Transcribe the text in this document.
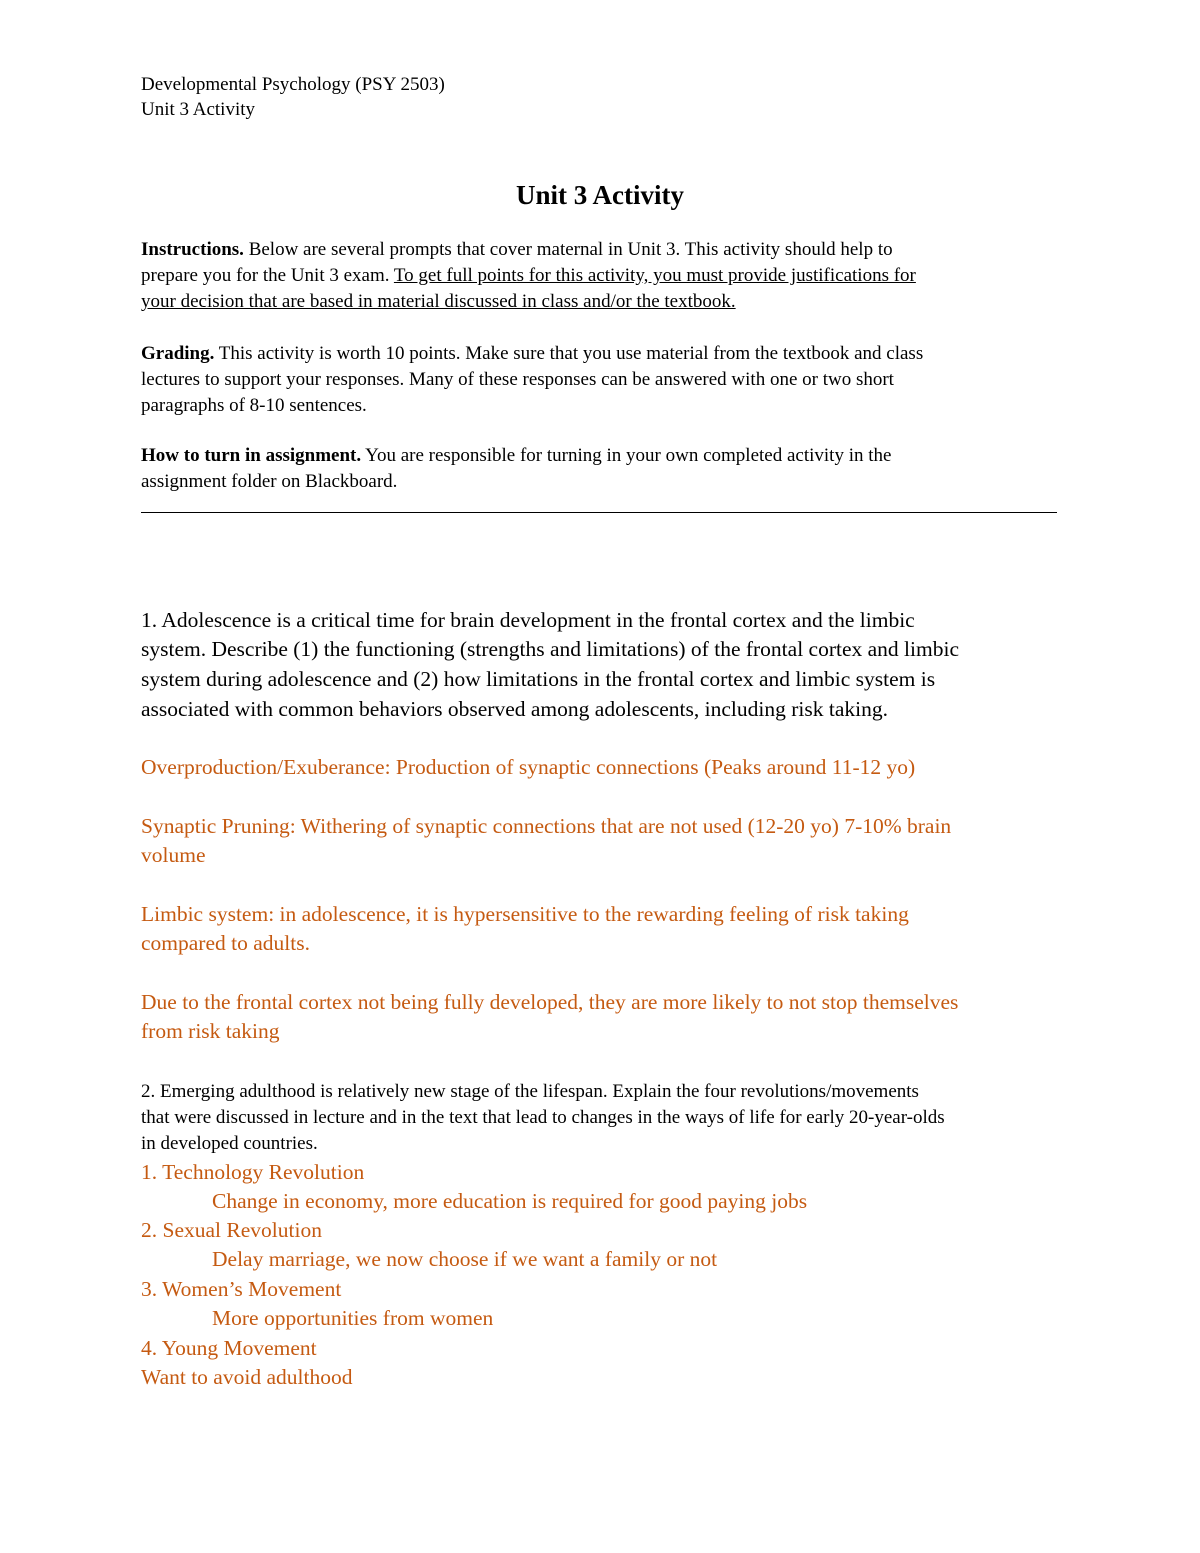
Developmental Psychology (PSY 2503)
Unit 3 Activity
Unit 3 Activity
Instructions. Below are several prompts that cover maternal in Unit 3. This activity should help to
prepare you for the Unit 3 exam. To get full points for this activity, you must provide justifications for
your decision that are based in material discussed in class and/or the textbook.
Grading. This activity is worth 10 points. Make sure that you use material from the textbook and class
lectures to support your responses. Many of these responses can be answered with one or two short
paragraphs of 8-10 sentences.
How to turn in assignment. You are responsible for turning in your own completed activity in the
assignment folder on Blackboard.
1. Adolescence is a critical time for brain development in the frontal cortex and the limbic
system. Describe (1) the functioning (strengths and limitations) of the frontal cortex and limbic
system during adolescence and (2) how limitations in the frontal cortex and limbic system is
associated with common behaviors observed among adolescents, including risk taking.
Overproduction/Exuberance: Production of synaptic connections (Peaks around 11-12 yo)
Synaptic Pruning: Withering of synaptic connections that are not used (12-20 yo) 7-10% brain
volume
Limbic system: in adolescence, it is hypersensitive to the rewarding feeling of risk taking
compared to adults.
Due to the frontal cortex not being fully developed, they are more likely to not stop themselves
from risk taking
2. Emerging adulthood is relatively new stage of the lifespan. Explain the four revolutions/movements
that were discussed in lecture and in the text that lead to changes in the ways of life for early 20-year-olds
in developed countries.
1. Technology Revolution
Change in economy, more education is required for good paying jobs
2. Sexual Revolution
Delay marriage, we now choose if we want a family or not
3. Women’s Movement
More opportunities from women
4. Young Movement
Want to avoid adulthood
